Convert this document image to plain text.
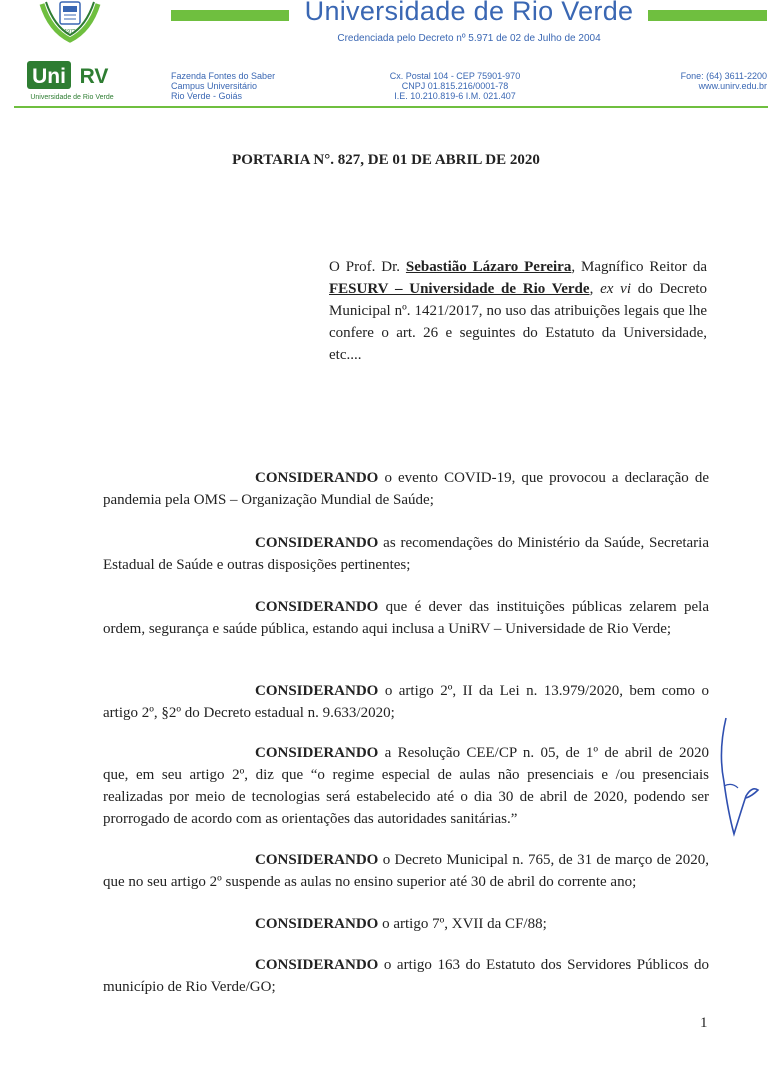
1972
Uni RV
Universidade de Rio Verde
Universidade de Rio Verde
Credenciada pelo Decreto nº 5.971 de 02 de Julho de 2004
Fazenda Fontes do Saber
Campus Universitário
Rio Verde - Goiás
Cx. Postal 104 - CEP 75901-970
CNPJ 01.815.216/0001-78
I.E. 10.210.819-6 I.M. 021.407
Fone: (64) 3611-2200
www.unirv.edu.br
PORTARIA N°. 827, DE 01 DE ABRIL DE 2020
O Prof. Dr. Sebastião Lázaro Pereira, Magnífico Reitor da FESURV – Universidade de Rio Verde, ex vi do Decreto Municipal nº. 1421/2017, no uso das atribuições legais que lhe confere o art. 26 e seguintes do Estatuto da Universidade, etc....
CONSIDERANDO o evento COVID-19, que provocou a declaração de pandemia pela OMS – Organização Mundial de Saúde;
CONSIDERANDO as recomendações do Ministério da Saúde, Secretaria Estadual de Saúde e outras disposições pertinentes;
CONSIDERANDO que é dever das instituições públicas zelarem pela ordem, segurança e saúde pública, estando aqui inclusa a UniRV – Universidade de Rio Verde;
CONSIDERANDO o artigo 2º, II da Lei n. 13.979/2020, bem como o artigo 2º, §2º do Decreto estadual n. 9.633/2020;
CONSIDERANDO a Resolução CEE/CP n. 05, de 1º de abril de 2020 que, em seu artigo 2º, diz que “o regime especial de aulas não presenciais e /ou presenciais realizadas por meio de tecnologias será estabelecido até o dia 30 de abril de 2020, podendo ser prorrogado de acordo com as orientações das autoridades sanitárias.”
CONSIDERANDO o Decreto Municipal n. 765, de 31 de março de 2020, que no seu artigo 2º suspende as aulas no ensino superior até 30 de abril do corrente ano;
CONSIDERANDO o artigo 7º, XVII da CF/88;
CONSIDERANDO o artigo 163 do Estatuto dos Servidores Públicos do município de Rio Verde/GO;
1
